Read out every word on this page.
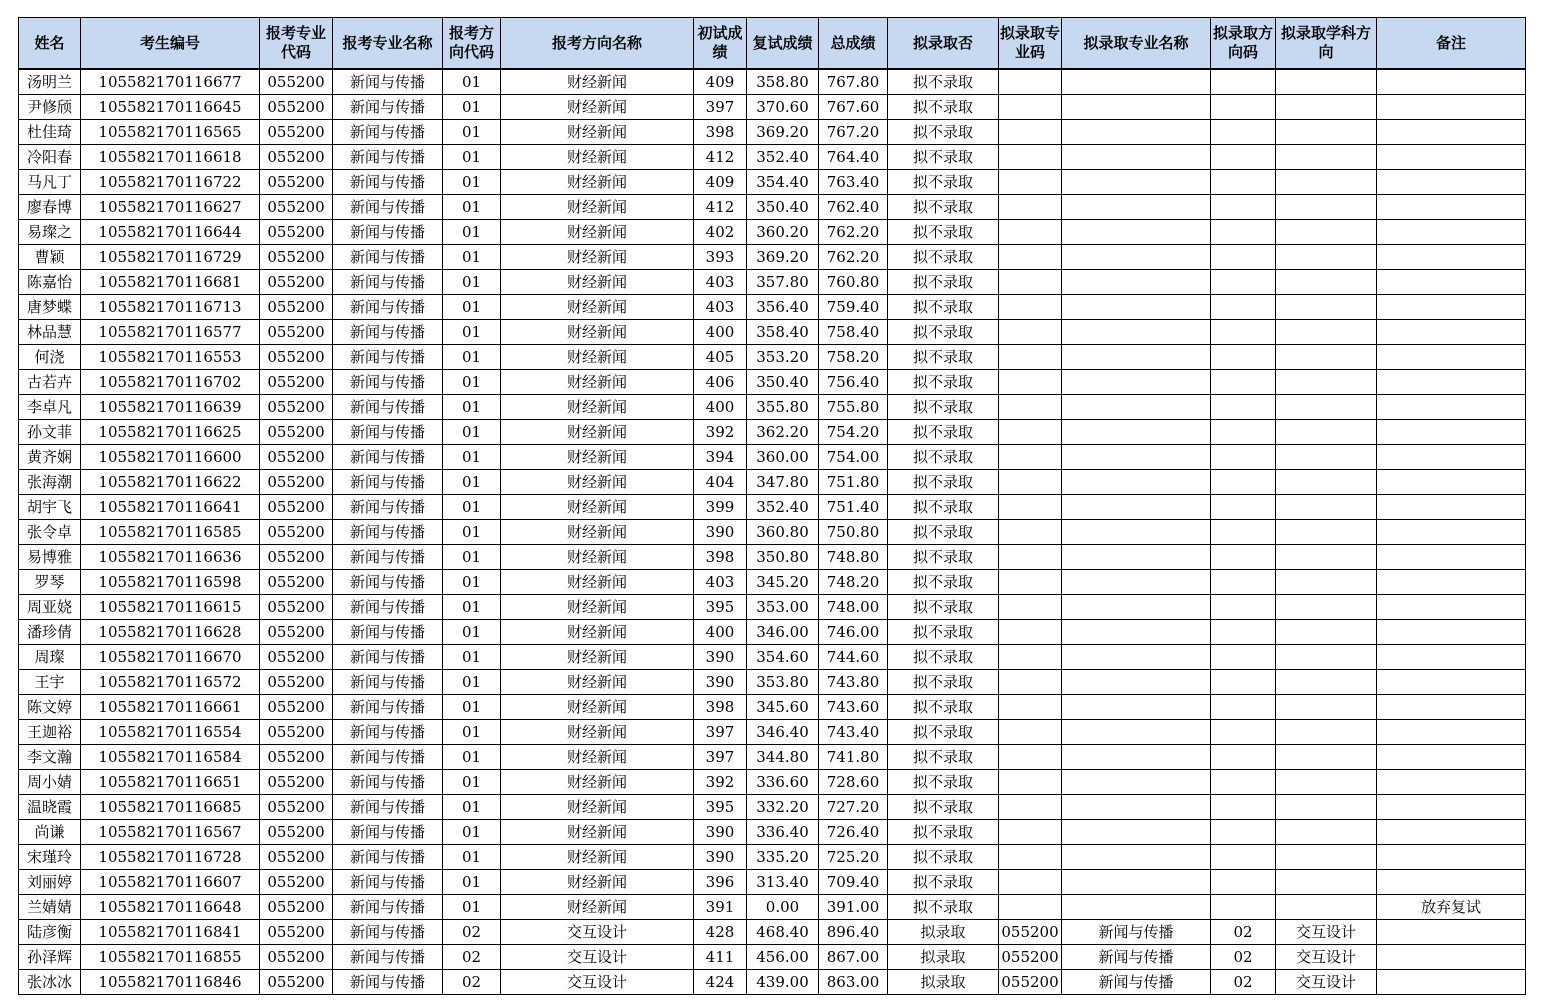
姓名	考生编号	报考专业代码	报考专业名称	报考方向代码	报考方向名称	初试成绩	复试成绩	总成绩	拟录取否	拟录取专业码	拟录取专业名称	拟录取方向码	拟录取学科方向	备注
汤明兰	105582170116677	055200	新闻与传播	01	财经新闻	409	358.80	767.80	拟不录取					
尹修颀	105582170116645	055200	新闻与传播	01	财经新闻	397	370.60	767.60	拟不录取					
杜佳琦	105582170116565	055200	新闻与传播	01	财经新闻	398	369.20	767.20	拟不录取					
冷阳春	105582170116618	055200	新闻与传播	01	财经新闻	412	352.40	764.40	拟不录取					
马凡丁	105582170116722	055200	新闻与传播	01	财经新闻	409	354.40	763.40	拟不录取					
廖春博	105582170116627	055200	新闻与传播	01	财经新闻	412	350.40	762.40	拟不录取					
易璨之	105582170116644	055200	新闻与传播	01	财经新闻	402	360.20	762.20	拟不录取					
曹颖	105582170116729	055200	新闻与传播	01	财经新闻	393	369.20	762.20	拟不录取					
陈嘉怡	105582170116681	055200	新闻与传播	01	财经新闻	403	357.80	760.80	拟不录取					
唐梦蝶	105582170116713	055200	新闻与传播	01	财经新闻	403	356.40	759.40	拟不录取					
林品慧	105582170116577	055200	新闻与传播	01	财经新闻	400	358.40	758.40	拟不录取					
何浇	105582170116553	055200	新闻与传播	01	财经新闻	405	353.20	758.20	拟不录取					
古若卉	105582170116702	055200	新闻与传播	01	财经新闻	406	350.40	756.40	拟不录取					
李卓凡	105582170116639	055200	新闻与传播	01	财经新闻	400	355.80	755.80	拟不录取					
孙文菲	105582170116625	055200	新闻与传播	01	财经新闻	392	362.20	754.20	拟不录取					
黄齐娴	105582170116600	055200	新闻与传播	01	财经新闻	394	360.00	754.00	拟不录取					
张海潮	105582170116622	055200	新闻与传播	01	财经新闻	404	347.80	751.80	拟不录取					
胡宇飞	105582170116641	055200	新闻与传播	01	财经新闻	399	352.40	751.40	拟不录取					
张令卓	105582170116585	055200	新闻与传播	01	财经新闻	390	360.80	750.80	拟不录取					
易博雅	105582170116636	055200	新闻与传播	01	财经新闻	398	350.80	748.80	拟不录取					
罗琴	105582170116598	055200	新闻与传播	01	财经新闻	403	345.20	748.20	拟不录取					
周亚娆	105582170116615	055200	新闻与传播	01	财经新闻	395	353.00	748.00	拟不录取					
潘珍倩	105582170116628	055200	新闻与传播	01	财经新闻	400	346.00	746.00	拟不录取					
周璨	105582170116670	055200	新闻与传播	01	财经新闻	390	354.60	744.60	拟不录取					
王宇	105582170116572	055200	新闻与传播	01	财经新闻	390	353.80	743.80	拟不录取					
陈文婷	105582170116661	055200	新闻与传播	01	财经新闻	398	345.60	743.60	拟不录取					
王迦裕	105582170116554	055200	新闻与传播	01	财经新闻	397	346.40	743.40	拟不录取					
李文瀚	105582170116584	055200	新闻与传播	01	财经新闻	397	344.80	741.80	拟不录取					
周小婧	105582170116651	055200	新闻与传播	01	财经新闻	392	336.60	728.60	拟不录取					
温晓霞	105582170116685	055200	新闻与传播	01	财经新闻	395	332.20	727.20	拟不录取					
尚谦	105582170116567	055200	新闻与传播	01	财经新闻	390	336.40	726.40	拟不录取					
宋瑾玲	105582170116728	055200	新闻与传播	01	财经新闻	390	335.20	725.20	拟不录取					
刘丽婷	105582170116607	055200	新闻与传播	01	财经新闻	396	313.40	709.40	拟不录取					
兰婧婧	105582170116648	055200	新闻与传播	01	财经新闻	391	0.00	391.00	拟不录取					放弃复试
陆彦衡	105582170116841	055200	新闻与传播	02	交互设计	428	468.40	896.40	拟录取	055200	新闻与传播	02	交互设计	
孙泽辉	105582170116855	055200	新闻与传播	02	交互设计	411	456.00	867.00	拟录取	055200	新闻与传播	02	交互设计	
张冰冰	105582170116846	055200	新闻与传播	02	交互设计	424	439.00	863.00	拟录取	055200	新闻与传播	02	交互设计	
